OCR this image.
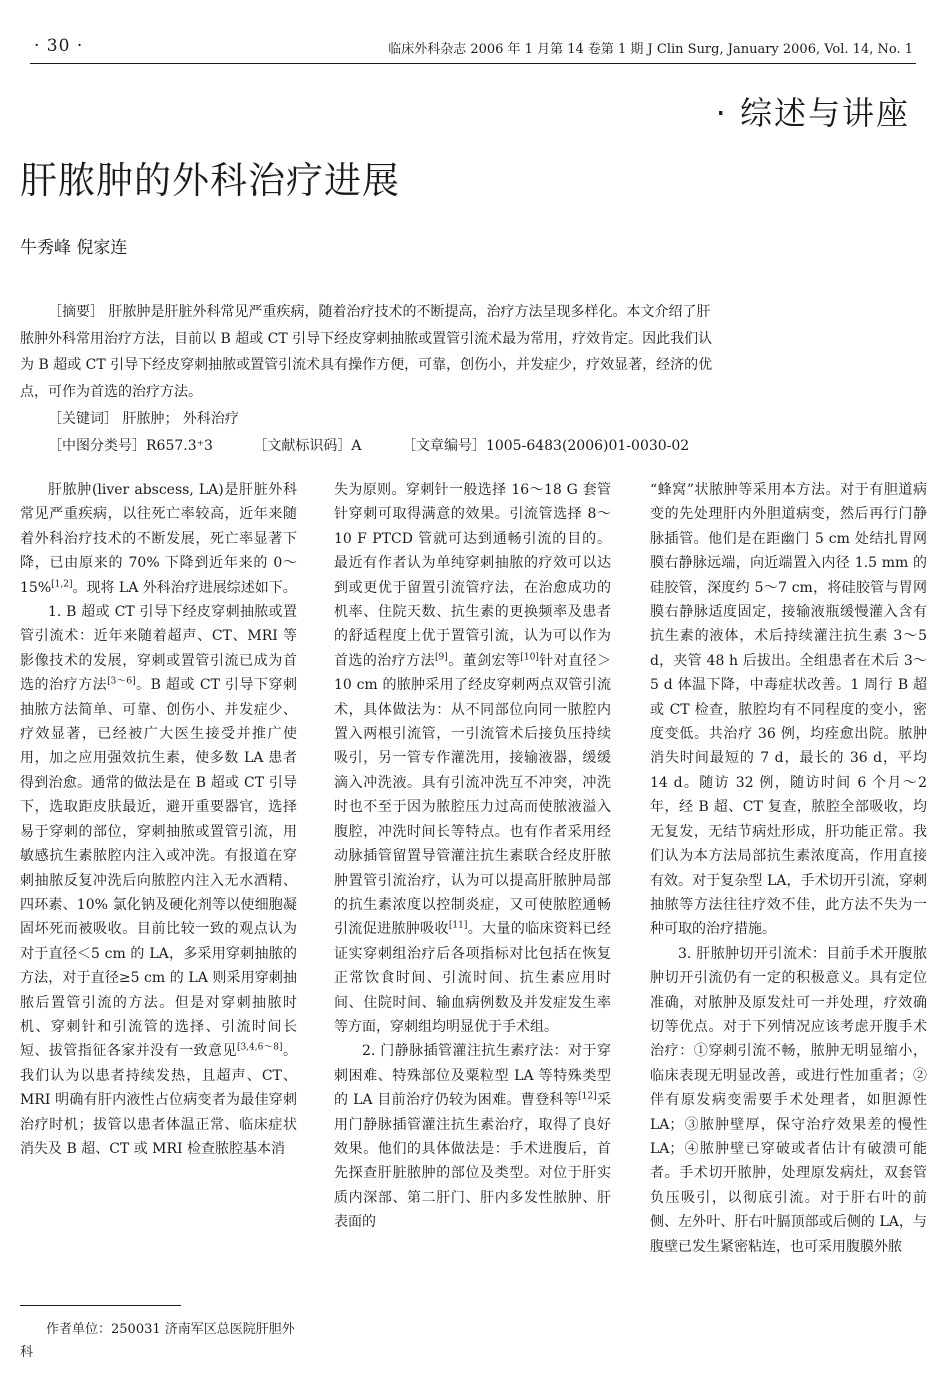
· 30 ·	临床外科杂志 2006 年 1 月第 14 卷第 1 期 J Clin Surg, January 2006, Vol. 14, No. 1
· 综述与讲座
肝脓肿的外科治疗进展
牛秀峰 倪家连
［摘要］ 肝脓肿是肝脏外科常见严重疾病，随着治疗技术的不断提高，治疗方法呈现多样化。本文介绍了肝脓肿外科常用治疗方法，目前以 B 超或 CT 引导下经皮穿刺抽脓或置管引流术最为常用，疗效肯定。因此我们认为 B 超或 CT 引导下经皮穿刺抽脓或置管引流术具有操作方便，可靠，创伤小，并发症少，疗效显著，经济的优点，可作为首选的治疗方法。
［关键词］ 肝脓肿； 外科治疗
［中图分类号］R657.3⁺3	［文献标识码］A	［文章编号］1005-6483(2006)01-0030-02

肝脓肿(liver abscess, LA)是肝脏外科常见严重疾病，以往死亡率较高，近年来随着外科治疗技术的不断发展，死亡率显著下降，已由原来的 70% 下降到近年来的 0～15%[1,2]。现将 LA 外科治疗进展综述如下。

1. B 超或 CT 引导下经皮穿刺抽脓或置管引流术：近年来随着超声、CT、MRI 等影像技术的发展，穿刺或置管引流已成为首选的治疗方法[3～6]。B 超或 CT 引导下穿刺抽脓方法简单、可靠、创伤小、并发症少、疗效显著，已经被广大医生接受并推广使用，加之应用强效抗生素，使多数 LA 患者得到治愈。通常的做法是在 B 超或 CT 引导下，选取距皮肤最近，避开重要器官，选择易于穿刺的部位，穿刺抽脓或置管引流，用敏感抗生素脓腔内注入或冲洗。有报道在穿刺抽脓反复冲洗后向脓腔内注入无水酒精、四环素、10% 氯化钠及硬化剂等以使细胞凝固坏死而被吸收。目前比较一致的观点认为对于直径＜5 cm 的 LA，多采用穿刺抽脓的方法，对于直径≥5 cm 的 LA 则采用穿刺抽脓后置管引流的方法。但是对穿刺抽脓时机、穿刺针和引流管的选择、引流时间长短、拔管指征各家并没有一致意见[3,4,6～8]。我们认为以患者持续发热，且超声、CT、MRI 明确有肝内液性占位病变者为最佳穿刺治疗时机；拔管以患者体温正常、临床症状消失及 B 超、CT 或 MRI 检查脓腔基本消

失为原则。穿刺针一般选择 16～18 G 套管针穿刺可取得满意的效果。引流管选择 8～10 F PTCD 管就可达到通畅引流的目的。最近有作者认为单纯穿刺抽脓的疗效可以达到或更优于留置引流管疗法，在治愈成功的机率、住院天数、抗生素的更换频率及患者的舒适程度上优于置管引流，认为可以作为首选的治疗方法[9]。董剑宏等[10]针对直径＞10 cm 的脓肿采用了经皮穿刺两点双管引流术，具体做法为：从不同部位向同一脓腔内置入两根引流管，一引流管术后接负压持续吸引，另一管专作灌洗用，接输液器，缓缓滴入冲洗液。具有引流冲洗互不冲突，冲洗时也不至于因为脓腔压力过高而使脓液溢入腹腔，冲洗时间长等特点。也有作者采用经动脉插管留置导管灌注抗生素联合经皮肝脓肿置管引流治疗，认为可以提高肝脓肿局部的抗生素浓度以控制炎症，又可使脓腔通畅引流促进脓肿吸收[11]。大量的临床资料已经证实穿刺组治疗后各项指标对比包括在恢复正常饮食时间、引流时间、抗生素应用时间、住院时间、输血病例数及并发症发生率等方面，穿刺组均明显优于手术组。

2. 门静脉插管灌注抗生素疗法：对于穿刺困难、特殊部位及粟粒型 LA 等特殊类型的 LA 目前治疗仍较为困难。曹登科等[12]采用门静脉插管灌注抗生素治疗，取得了良好效果。他们的具体做法是：手术进腹后，首先探查肝脏脓肿的部位及类型。对位于肝实质内深部、第二肝门、肝内多发性脓肿、肝表面的

“蜂窝”状脓肿等采用本方法。对于有胆道病变的先处理肝内外胆道病变，然后再行门静脉插管。他们是在距幽门 5 cm 处结扎胃网膜右静脉远端，向近端置入内径 1.5 mm 的硅胶管，深度约 5～7 cm，将硅胶管与胃网膜右静脉适度固定，接输液瓶缓慢灌入含有抗生素的液体，术后持续灌注抗生素 3～5 d，夹管 48 h 后拔出。全组患者在术后 3～5 d 体温下降，中毒症状改善。1 周行 B 超或 CT 检查，脓腔均有不同程度的变小，密度变低。共治疗 36 例，均痊愈出院。脓肿消失时间最短的 7 d，最长的 36 d，平均 14 d。随访 32 例，随访时间 6 个月～2 年，经 B 超、CT 复查，脓腔全部吸收，均无复发，无结节病灶形成，肝功能正常。我们认为本方法局部抗生素浓度高，作用直接有效。对于复杂型 LA，手术切开引流，穿刺抽脓等方法往往疗效不佳，此方法不失为一种可取的治疗措施。

3. 肝脓肿切开引流术：目前手术开腹脓肿切开引流仍有一定的积极意义。具有定位准确，对脓肿及原发灶可一并处理，疗效确切等优点。对于下列情况应该考虑开腹手术治疗：①穿刺引流不畅，脓肿无明显缩小，临床表现无明显改善，或进行性加重者；②伴有原发病变需要手术处理者，如胆源性 LA；③脓肿壁厚，保守治疗效果差的慢性 LA；④脓肿壁已穿破或者估计有破溃可能者。手术切开脓肿，处理原发病灶，双套管负压吸引，以彻底引流。对于肝右叶的前侧、左外叶、肝右叶膈顶部或后侧的 LA，与腹壁已发生紧密粘连，也可采用腹膜外脓

作者单位：250031 济南军区总医院肝胆外科
